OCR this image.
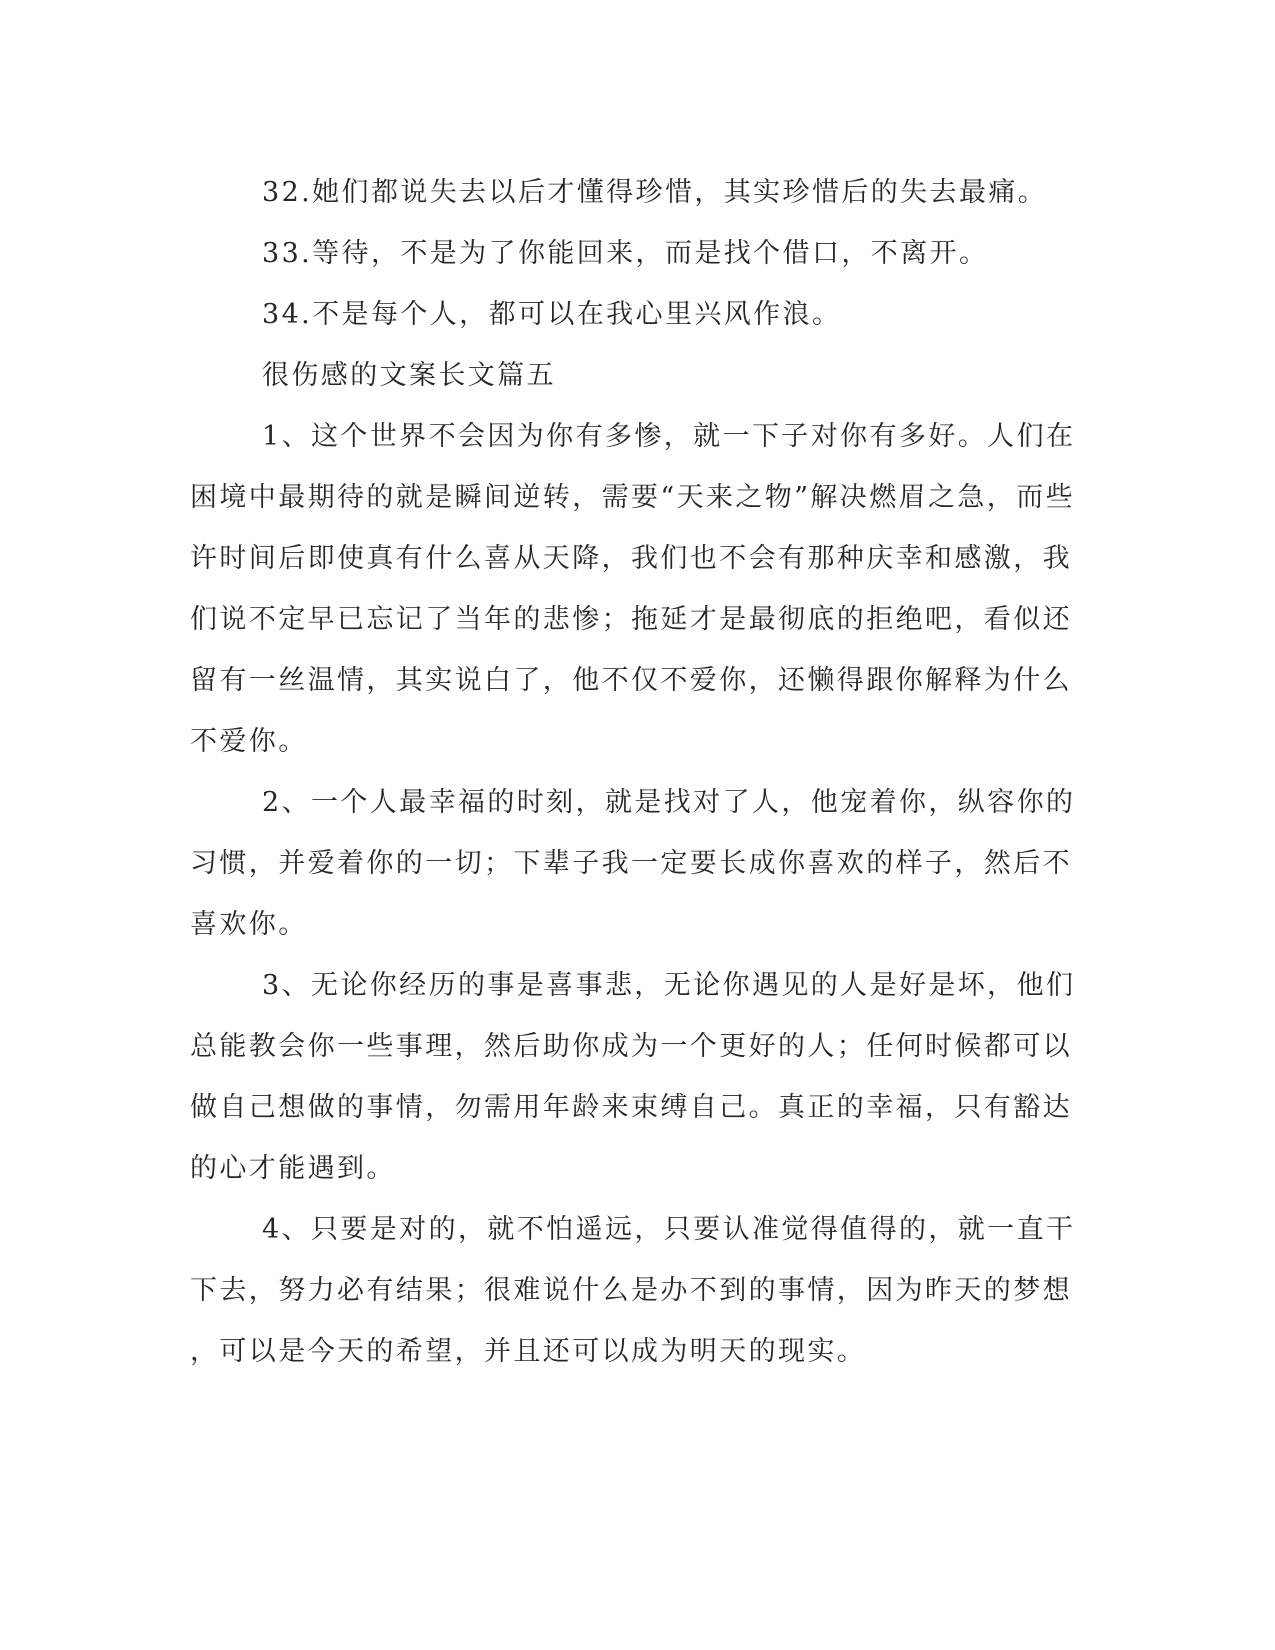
32.她们都说失去以后才懂得珍惜，其实珍惜后的失去最痛。
33.等待，不是为了你能回来，而是找个借口，不离开。
34.不是每个人，都可以在我心里兴风作浪。
很伤感的文案长文篇五
1、这个世界不会因为你有多惨，就一下子对你有多好。人们在
困境中最期待的就是瞬间逆转，需要“天来之物”解决燃眉之急，而些
许时间后即使真有什么喜从天降，我们也不会有那种庆幸和感激，我
们说不定早已忘记了当年的悲惨；拖延才是最彻底的拒绝吧，看似还
留有一丝温情，其实说白了，他不仅不爱你，还懒得跟你解释为什么
不爱你。
2、一个人最幸福的时刻，就是找对了人，他宠着你，纵容你的
习惯，并爱着你的一切；下辈子我一定要长成你喜欢的样子，然后不
喜欢你。
3、无论你经历的事是喜事悲，无论你遇见的人是好是坏，他们
总能教会你一些事理，然后助你成为一个更好的人；任何时候都可以
做自己想做的事情，勿需用年龄来束缚自己。真正的幸福，只有豁达
的心才能遇到。
4、只要是对的，就不怕遥远，只要认准觉得值得的，就一直干
下去，努力必有结果；很难说什么是办不到的事情，因为昨天的梦想
，可以是今天的希望，并且还可以成为明天的现实。
